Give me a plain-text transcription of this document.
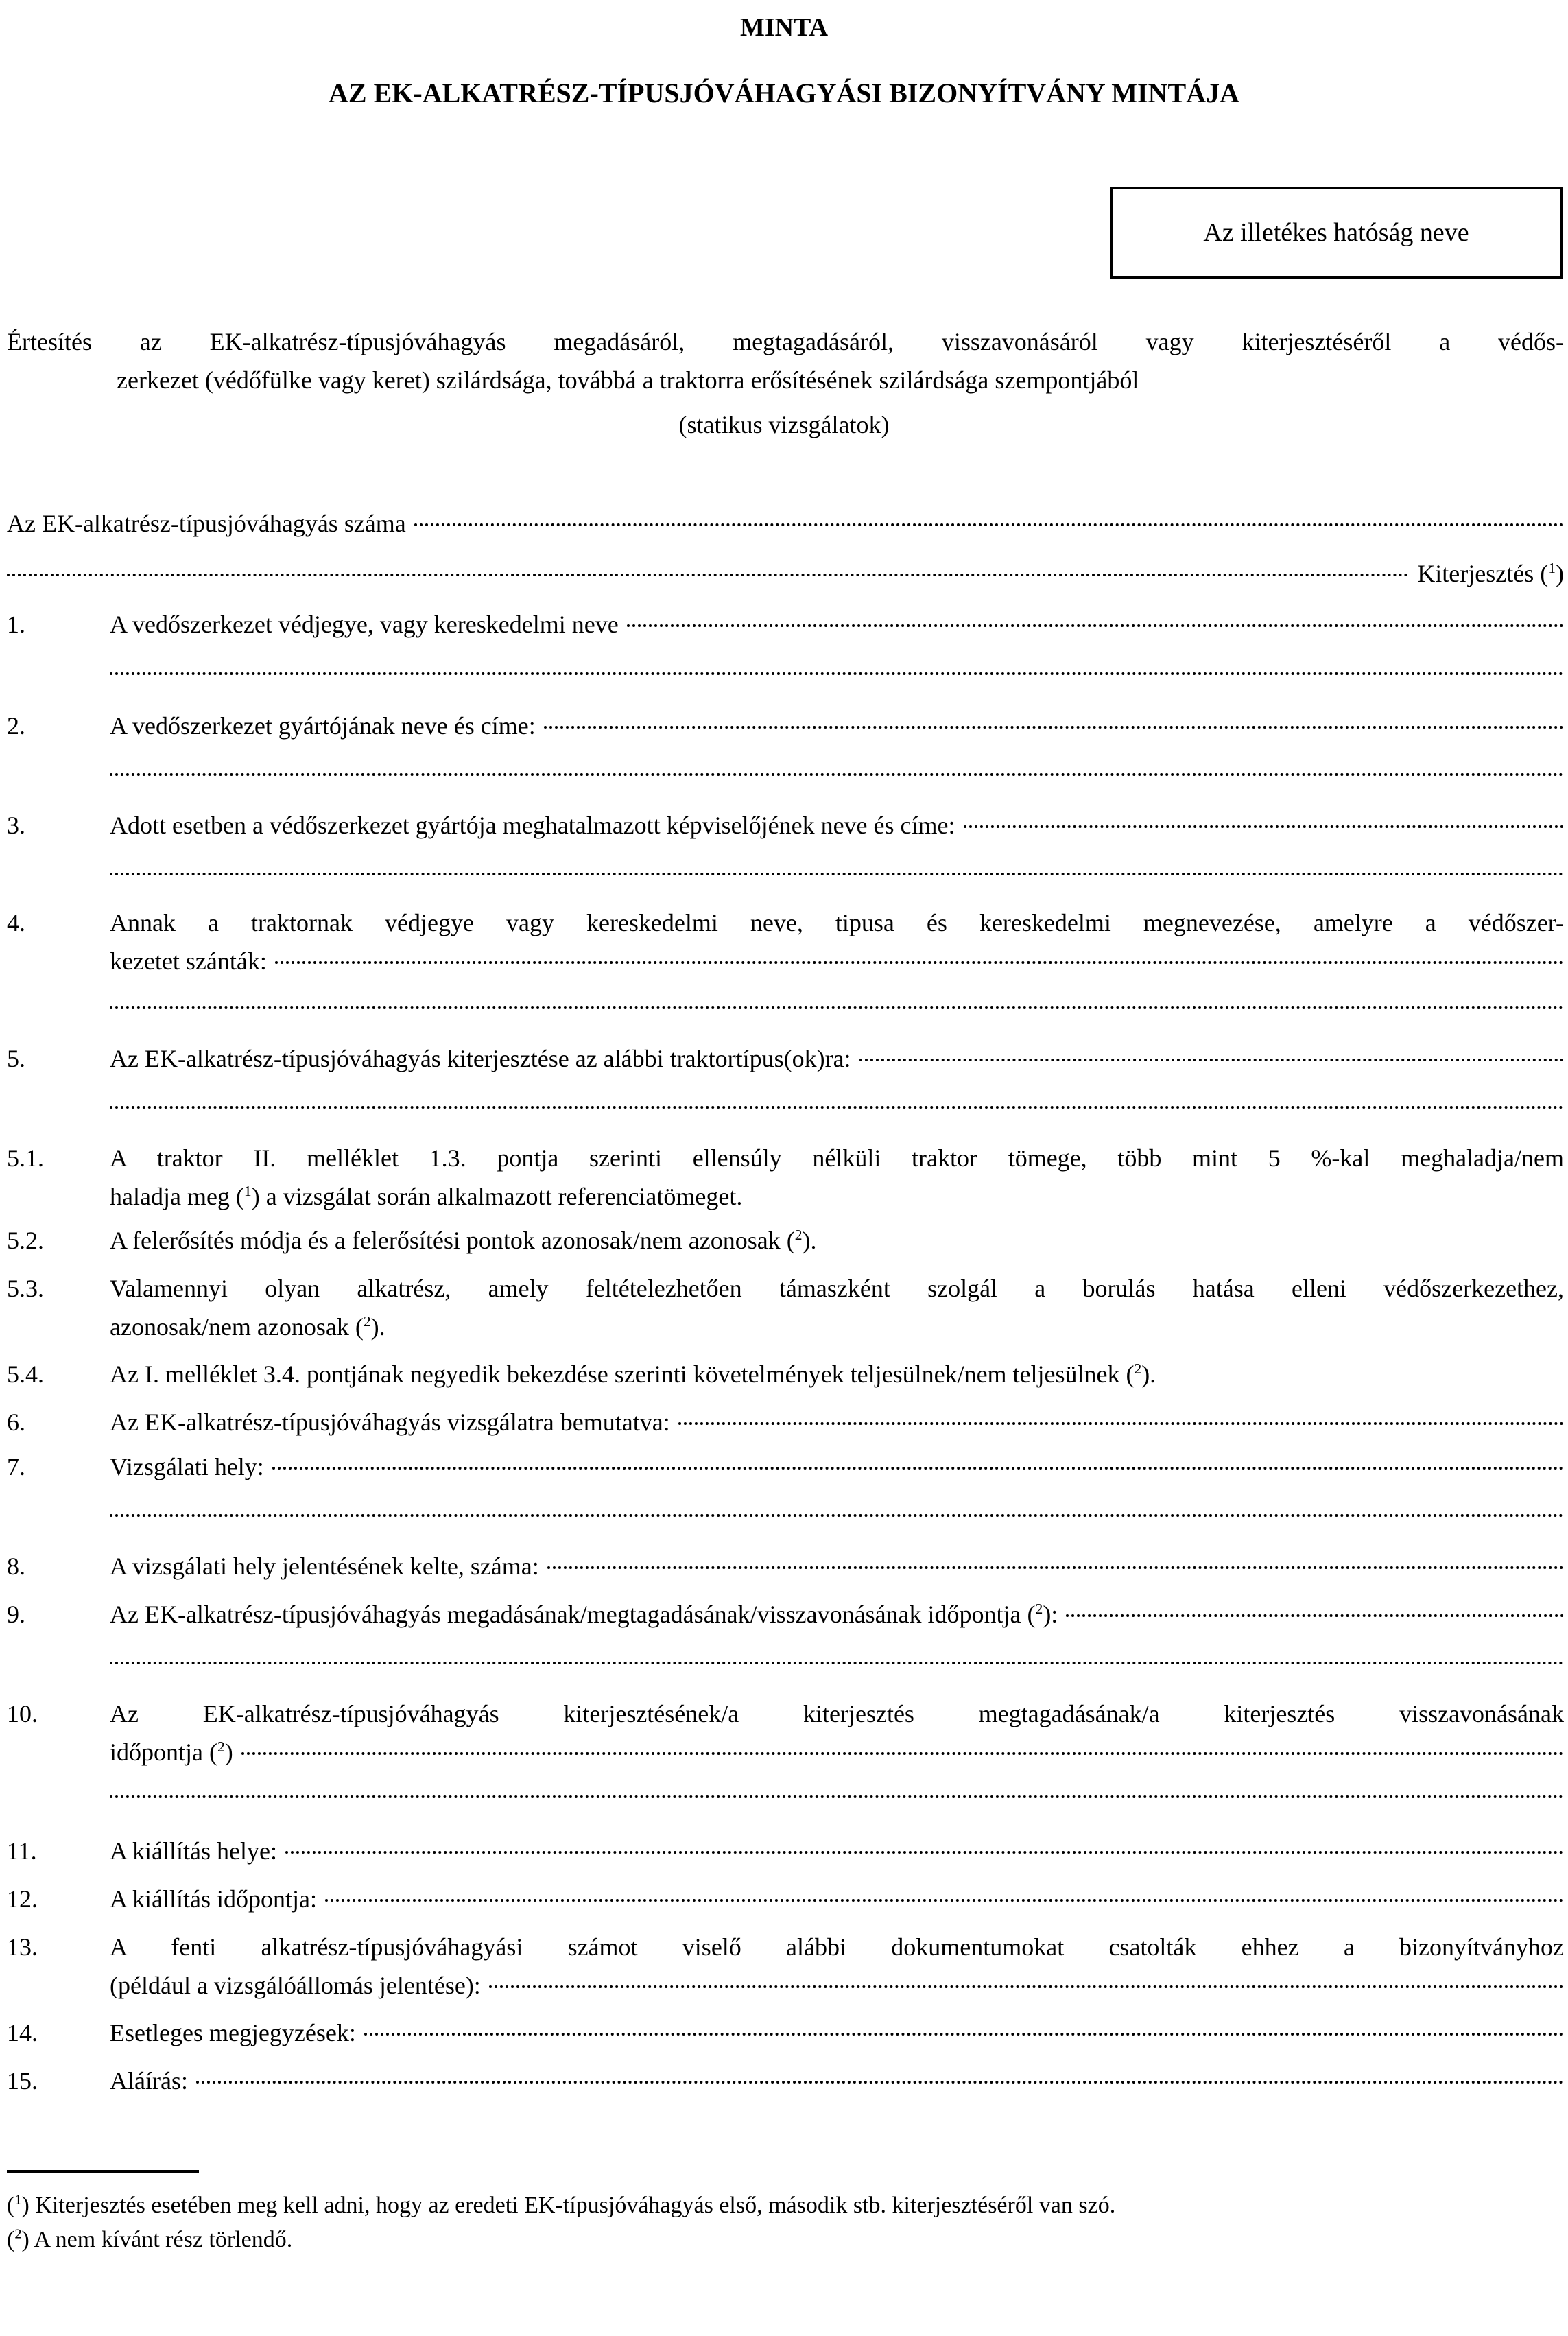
MINTA
AZ EK-ALKATRÉSZ-TÍPUSJÓVÁHAGYÁSI BIZONYÍTVÁNY MINTÁJA
Az illetékes hatóság neve
Értesítés az EK-alkatrész-típusjóváhagyás megadásáról, megtagadásáról, visszavonásáról vagy kiterjesztéséről a védős-
zerkezet (védőfülke vagy keret) szilárdsága, továbbá a traktorra erősítésének szilárdsága szempontjából
(statikus vizsgálatok)
Az EK-alkatrész-típusjóváhagyás száma
Kiterjesztés ($^1$)
1.	A vedőszerkezet védjegye, vagy kereskedelmi neve
2.	A vedőszerkezet gyártójának neve és címe:
3.	Adott esetben a védőszerkezet gyártója meghatalmazott képviselőjének neve és címe:
4.	Annak a traktornak védjegye vagy kereskedelmi neve, tipusa és kereskedelmi megnevezése, amelyre a védőszer-
kezetet szánták:
5.	Az EK-alkatrész-típusjóváhagyás kiterjesztése az alábbi traktortípus(ok)ra:
5.1.	A traktor II. melléklet 1.3. pontja szerinti ellensúly nélküli traktor tömege, több mint 5 %-kal meghaladja/nem
haladja meg ($^1$) a vizsgálat során alkalmazott referenciatömeget.
5.2.	A felerősítés módja és a felerősítési pontok azonosak/nem azonosak ($^2$).
5.3.	Valamennyi olyan alkatrész, amely feltételezhetően támaszként szolgál a borulás hatása elleni védőszerkezethez,
azonosak/nem azonosak ($^2$).
5.4.	Az I. melléklet 3.4. pontjának negyedik bekezdése szerinti követelmények teljesülnek/nem teljesülnek ($^2$).
6.	Az EK-alkatrész-típusjóváhagyás vizsgálatra bemutatva:
7.	Vizsgálati hely:
8.	A vizsgálati hely jelentésének kelte, száma:
9.	Az EK-alkatrész-típusjóváhagyás megadásának/megtagadásának/visszavonásának időpontja ($^2$):
10.	Az EK-alkatrész-típusjóváhagyás kiterjesztésének/a kiterjesztés megtagadásának/a kiterjesztés visszavonásának
időpontja ($^2$)
11.	A kiállítás helye:
12.	A kiállítás időpontja:
13.	A fenti alkatrész-típusjóváhagyási számot viselő alábbi dokumentumokat csatolták ehhez a bizonyítványhoz
(például a vizsgálóállomás jelentése):
14.	Esetleges megjegyzések:
15.	Aláírás:
($^1$) Kiterjesztés esetében meg kell adni, hogy az eredeti EK-típusjóváhagyás első, második stb. kiterjesztéséről van szó.
($^2$) A nem kívánt rész törlendő.
